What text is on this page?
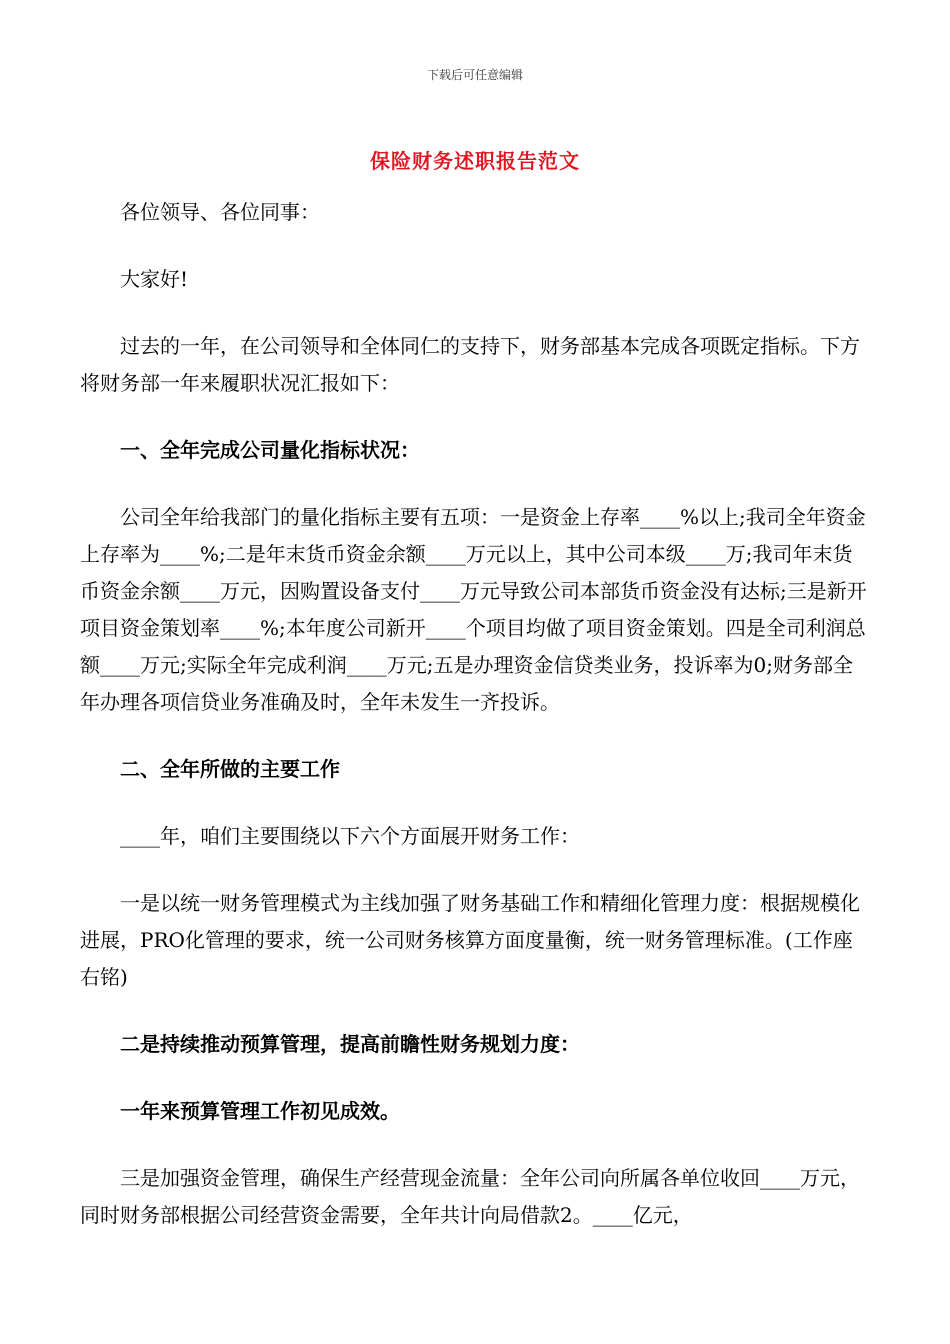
下载后可任意编辑
保险财务述职报告范文

各位领导、各位同事：

大家好!

过去的一年，在公司领导和全体同仁的支持下，财务部基本完成各项既定指标。下方将财务部一年来履职状况汇报如下：

一、全年完成公司量化指标状况：

公司全年给我部门的量化指标主要有五项：一是资金上存率____%以上;我司全年资金上存率为____%;二是年末货币资金余额____万元以上，其中公司本级____万;我司年末货币资金余额____万元，因购置设备支付____万元导致公司本部货币资金没有达标;三是新开项目资金策划率____%;本年度公司新开____个项目均做了项目资金策划。四是全司利润总额____万元;实际全年完成利润____万元;五是办理资金信贷类业务，投诉率为0;财务部全年办理各项信贷业务准确及时，全年未发生一齐投诉。

二、全年所做的主要工作

____年，咱们主要围绕以下六个方面展开财务工作：

一是以统一财务管理模式为主线加强了财务基础工作和精细化管理力度：根据规模化进展，PRO化管理的要求，统一公司财务核算方面度量衡，统一财务管理标准。(工作座右铭)

二是持续推动预算管理，提高前瞻性财务规划力度：

一年来预算管理工作初见成效。

三是加强资金管理，确保生产经营现金流量：全年公司向所属各单位收回____万元，同时财务部根据公司经营资金需要，全年共计向局借款2。____亿元，
